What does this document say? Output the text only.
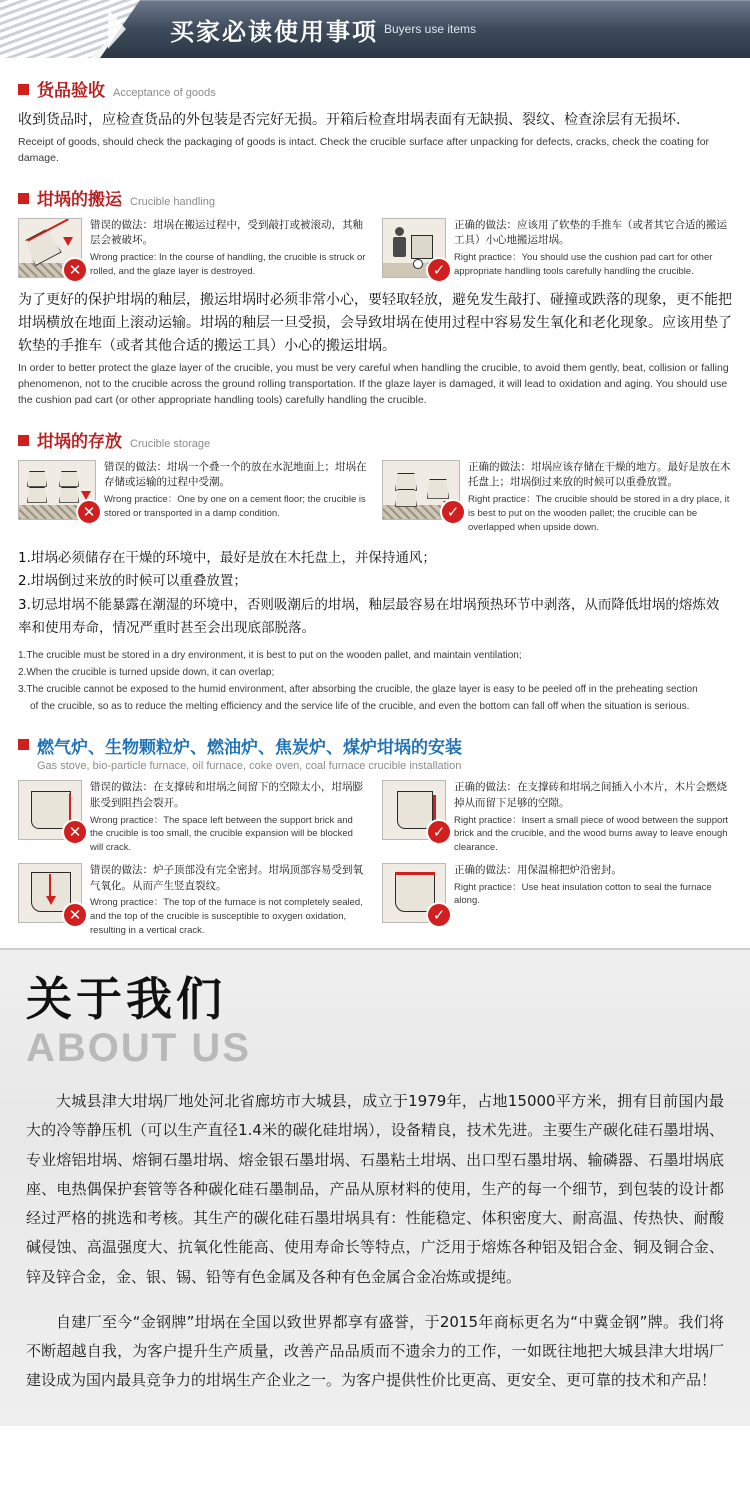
买家必读使用事项 Buyers use items
货品验收 Acceptance of goods
收到货品时，应检查货品的外包装是否完好无损。开箱后检查坩埚表面有无缺损、裂纹、检查涂层有无损坏.
Receipt of goods, should check the packaging of goods is intact. Check the crucible surface after unpacking for defects, cracks, check the coating for damage.
坩埚的搬运 Crucible handling
✕
错误的做法：坩埚在搬运过程中，受到敲打或被滚动，其釉层会被破坏。
Wrong practice: In the course of handling, the crucible is struck or rolled, and the glaze layer is destroyed.	✓
正确的做法：应该用了软垫的手推车（或者其它合适的搬运工具）小心地搬运坩埚。
Right practice：You should use the cushion pad cart for other appropriate handling tools carefully handling the crucible.
为了更好的保护坩埚的釉层，搬运坩埚时必须非常小心，要轻取轻放，避免发生敲打、碰撞或跌落的现象，更不能把坩埚横放在地面上滚动运输。坩埚的釉层一旦受损，会导致坩埚在使用过程中容易发生氧化和老化现象。应该用垫了软垫的手推车（或者其他合适的搬运工具）小心的搬运坩埚。
In order to better protect the glaze layer of the crucible, you must be very careful when handling the crucible, to avoid them gently, beat, collision or falling phenomenon, not to the crucible across the ground rolling transportation. If the glaze layer is damaged, it will lead to oxidation and aging. You should use the cushion pad cart (or other appropriate handling tools) carefully handling the crucible.
坩埚的存放 Crucible storage
✕
错误的做法：坩埚一个叠一个的放在水泥地面上；坩埚在存储或运输的过程中受潮。
Wrong practice：One by one on a cement floor; the crucible is stored or transported in a damp condition.	✓
正确的做法：坩埚应该存储在干燥的地方。最好是放在木托盘上；坩埚倒过来放的时候可以重叠放置。
Right practice：The crucible should be stored in a dry place, it is best to put on the wooden pallet; the crucible can be overlapped when upside down.
1.坩埚必须储存在干燥的环境中，最好是放在木托盘上，并保持通风；
2.坩埚倒过来放的时候可以重叠放置；
3.切忌坩埚不能暴露在潮湿的环境中，否则吸潮后的坩埚，釉层最容易在坩埚预热环节中剥落，从而降低坩埚的熔炼效率和使用寿命，情况严重时甚至会出现底部脱落。
1.The crucible must be stored in a dry environment, it is best to put on the wooden pallet, and maintain ventilation;
2.When the crucible is turned upside down, it can overlap;
3.The crucible cannot be exposed to the humid environment, after absorbing the crucible, the glaze layer is easy to be peeled off in the preheating section
of the crucible, so as to reduce the melting efficiency and the service life of the crucible, and even the bottom can fall off when the situation is serious.
燃气炉、生物颗粒炉、燃油炉、焦炭炉、煤炉坩埚的安装
Gas stove, bio-particle furnace, oil furnace, coke oven, coal furnace crucible installation
✕
错误的做法：在支撑砖和坩埚之间留下的空隙太小，坩埚膨胀受到阻挡会裂开。
Wrong practice：The space left between the support brick and the crucible is too small, the crucible expansion will be blocked will crack.
✓
正确的做法：在支撑砖和坩埚之间插入小木片，木片会燃烧掉从而留下足够的空隙。
Right practice：Insert a small piece of wood between the support brick and the crucible, and the wood burns away to leave enough clearance.
✕
错误的做法：炉子顶部没有完全密封。坩埚顶部容易受到氧气氧化。从而产生竖直裂纹。
Wrong practice：The top of the furnace is not completely sealed, and the top of the crucible is susceptible to oxygen oxidation, resulting in a vertical crack.
✓
正确的做法：用保温棉把炉沿密封。
Right practice：Use heat insulation cotton to seal the furnace along.
关于我们
ABOUT US

大城县津大坩埚厂地处河北省廊坊市大城县，成立于1979年，占地15000平方米，拥有目前国内最大的冷等静压机（可以生产直径1.4米的碳化硅坩埚），设备精良，技术先进。主要生产碳化硅石墨坩埚、专业熔铝坩埚、熔铜石墨坩埚、熔金银石墨坩埚、石墨粘土坩埚、出口型石墨坩埚、输磷器、石墨坩埚底座、电热偶保护套管等各种碳化硅石墨制品，产品从原材料的使用，生产的每一个细节，到包装的设计都经过严格的挑选和考核。其生产的碳化硅石墨坩埚具有：性能稳定、体积密度大、耐高温、传热快、耐酸碱侵蚀、高温强度大、抗氧化性能高、使用寿命长等特点，广泛用于熔炼各种铝及铝合金、铜及铜合金、锌及锌合金，金、银、锡、铅等有色金属及各种有色金属合金冶炼或提纯。

自建厂至今“金钢牌”坩埚在全国以致世界都享有盛誉，于2015年商标更名为“中冀金钢”牌。我们将不断超越自我，为客户提升生产质量，改善产品品质而不遗余力的工作，一如既往地把大城县津大坩埚厂建设成为国内最具竞争力的坩埚生产企业之一。为客户提供性价比更高、更安全、更可靠的技术和产品！
